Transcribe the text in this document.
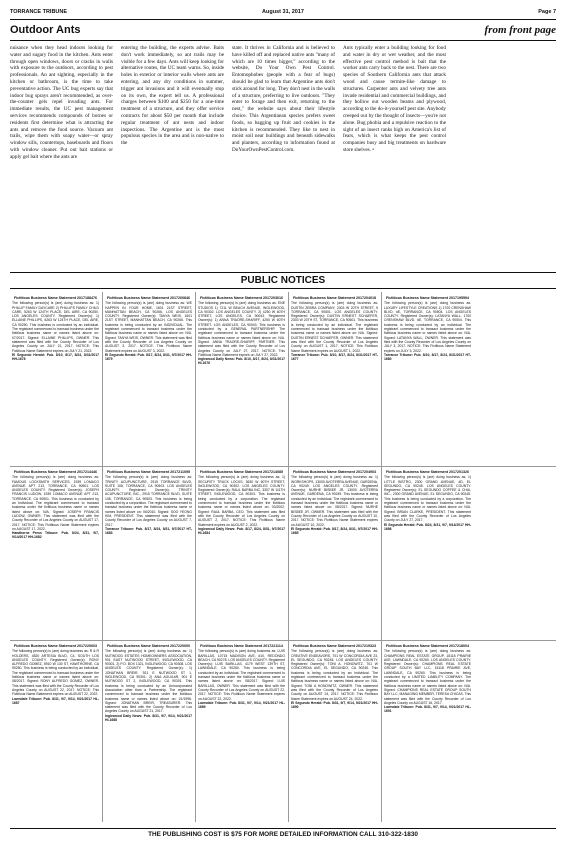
TORRANCE TRIBUNE	August 31, 2017	Page 7
Outdoor Ants	from front page
nuisance when they head indoors looking for water and sugary food in the kitchen. Ants enter through open windows, doors or cracks in walls with exposure to the outdoors, according to pest professionals. An ant sighting, especially in the kitchen or bathroom, is the time to take preventative action. The UC bug experts say that indoor bug sprays aren't recommended, as over-the-counter gels repel invading ants. For immediate results, the UC pest management services recommends compounds of bornes or residents first determine what is attracting the ants and remove the food source. Vacuum ant trails, wipe them with soapy water—or spray window sills, countertops, baseboards and floors with window cleaner. Put out bait stations or apply gel bait where the ants are
entering the building, the experts advise. Baits don't work immediately, so ant trails may be visible for a few days. Ants will keep looking for alternative routes, the UC team warns. So, inside holes in exterior or interior walls where ants are entering, and any dry conditions in summer, trigger ant invasions and it will eventually stop on its own, the expert tell us. A professional charges between $100 and $250 for a one-time treatment of a structure, and they offer service contracts for about $50 per month that include regular treatment of ant nests and indoor inspections. The Argentine ant is the most populous species in the area and is non-native to the
state. It thrives in California and is believed to have killed off and replaced native ants "many of which are 10 times bigger," according to the website, Do Your Own Pest Control. Entomophobes (people with a fear of bugs) should be glad to learn that Argentine ants don't stick around for long. They don't nest in the walls of a structure, preferring to live outdoors. "They enter to forage and then exit, returning to the nest," the website says about their lifestyle choice. This Argentinean species prefers sweet foods, so bagging up fruit and cookies in the kitchen is recommended. They like to nest in moist soil near buildings and beneath sidewalks and planters, according to information found at DoYourOwnPestControl.com.
Ants typically enter a building looking for food and water in dry or wet weather, and the most effective pest control method is bait that the worker ants carry back to the nest. There are two species of Southern California ants that attack wood and cause termite-like damage to structures. Carpenter ants and velvety tree ants invade residential and commercial buildings, and they hollow out wooden beams and plywood, according to the do-it-yourself pest site. Anybody creeped out by the thought of insects—you're not alone. Bug phobia and a repulsive reaction to the sight of an insect ranks high on America's list of fears, which is what keeps the pest control companies busy and big treatments on hardware store shelves. •
PUBLIC NOTICES
Fictitious Business Name Statement 2017188476
The following person(s) is (are) doing business as: 1) PHILLIP FAMILY DAYCARE 2) PHILLIPS FAMILY CHILD CARE, 5263 W 124TH PLACE, DEL AIRE, CA 90250. LOS ANGELES COUNTY. Registered Owner(s): 1) ELLAINE PHILLIPS, 5263 W 124TH PLACE, DEL AIRE, CA 90250. This business is conducted by an individual. The registrant commenced to transact business under the fictitious business name or names listed above on: 07/2017. Signed: ELLAINE PHILLIPS, OWNER. This statement was filed with the County Recorder of Los Angeles County on JULY 21, 2017. NOTICE: This Fictitious Name Statement expires on JULY 21, 2022.
El Segundo Herald: Pub. 8/10, 8/17, 8/24, 8/31/2017 HH-1678
Fictitious Business Name Statement 2017200846
The following person(s) is (are) doing business as: WE HAPPEN IN YOUR HOME, 1601 21ST STREET, MANHATTAN BEACH, CA 90266. LOS ANGELES COUNTY. Registered Owner(s): TANYA WEIS, 1601 21ST STREET, MANHATTAN BEACH, CA 90266. This business is being conducted by an INDIVIDUAL. The registrant commenced to transact business under the fictitious business name or names listed above on: N/A. Signed: TANYA WEIS, OWNER. This statement was filed with the County Recorder of Los Angeles County on AUGUST 3, 2017. NOTICE: This Fictitious Name Statement expires on AUGUST 3, 2022.
El Segundo Herald: Pub. 8/17, 8/24, 8/31, 9/7/2017 HH-1679
Fictitious Business Name Statement 2017203616
The following person(s) is (are) doing business as: ENE STUDIOS 1) 7211 W BEACH AVENUE, INGLEWOOD, CA 90302. LOS ANGELES COUNTY. 2) 4250 W 60TH STREET, LOS ANGELES, CA 90043. Registered Owner(s): 1) ANNA TRAORE-SHARIFF, 4250 W 60TH STREET, LOS ANGELES, CA 90043. This business is conducted by a GENERAL PARTNERSHIP. The registrant commenced to transact business under the fictitious business name or names listed above on: N/A. Signed: ANNA TRAORE-SHARIFF, PARTNER. This statement was filed with the County Recorder of Los Angeles County on JULY 27, 2017. NOTICE: This Fictitious Name Statement expires on JULY 27, 2022.
Inglewood Daily News: Pub. 8/10, 8/17, 8/24, 8/31/2017 HI-1676
Fictitious Business Name Statement 2017204018
The following person(s) is (are) doing business as: DUSTIN ZEBRA COMPANY, 2303 W 20TH STREET, 5 TORRANCE, CA 90501. LOS ANGELES COUNTY. Registered Owner(s): DUSTIN ERNEST SCHAEFER, 2303 W 20TH ST, TORRANCE, CA 90501. This business is being conducted by an individual. The registrant commenced to transact business under the fictitious business name or names listed above on: N/A. Signed: DUSTIN ERNEST SCHAEFER, OWNER. This statement was filed with the County Recorder of Los Angeles County on AUGUST 1, 2017. NOTICE: This Fictitious Name Statement expires on AUGUST 1, 2022.
Torrance Tribune: Pub. 8/10, 8/17, 8/24, 8/31/2017 HT-1677
Fictitious Business Name Statement 2017195594
The following person(s) is (are) doing business as: LUXURY LIFESTYLE CREATIONS 1) 1700 CRENSHAW BLVD. #E, TORRANCE, CA 90504. LOS ANGELES COUNTY. Registered Owner(s): LATANYA WALL, 1700 CRENSHAW BLVD. #E, TORRANCE, CA 90504. This business is being conducted by an individual. The registrant commenced to transact business under the fictitious business name or names listed above on: N/A. Signed: LATANYA WALL, OWNER. This statement was filed with the County Recorder of Los Angeles County on JULY 3, 2017. NOTICE: This Fictitious Name Statement expires on JULY 3, 2022.
Torrance Tribune: Pub. 8/10, 8/17, 8/24, 8/31/2017 HT-1680
Fictitious Business Name Statement 2017214446
The following person(s) is (are) doing business as: FAMOUS LOCKSMITH SERVICES, 1939 LOMACO AVENUE APT 213, TORRANCE, CA 90501. LOS ANGELES COUNTY. Registered Owner(s): JOSEPH FRANCIS LUDOW, 1939 LOMACO AVENUE APT 213, TORRANCE, CA 90501. This business is conducted by an Individual. The registrant commenced to transact business under the fictitious business name or names listed above on: N/A. Signed: JOSEPH FRANCIS LUDOW, OWNER. This statement was filed with the County Recorder of Los Angeles County on AUGUST 17, 2017. NOTICE: This Fictitious Name Statement expires on AUGUST 17, 2022.
Hawthorne Press Tribune: Pub. 8/24, 8/31, 9/7, 9/14/2017 HH-1682
Fictitious Business Name Statement 2017211095
The following person(s) is (are) doing business as: TRINITY ACUPUNCTURE, 2915 TORRANCE BLVD, SUITE 108, TORRANCE, CA 90503. LOS ANGELES COUNTY. Registered Owner(s): TRINITY ACUPUNCTURE, INC., 2915 TORRANCE BLVD, SUITE 108, TORRANCE, CA 90503. This business is being conducted by a corporation. The registrant commenced to transact business under the fictitious business name or names listed above on: 06/2010. Signed: SOO YEONG KIM, PRESIDENT. This statement was filed with the County Recorder of Los Angeles County on AUGUST 7, 2017.
Torrance Tribune: Pub. 8/17, 8/24, 8/31, 9/7/2017 HT-1683
Fictitious Business Name Statement 2017214085
The following person(s) is (are) doing business as: 1) SECURITY TRUCK LOCKS, 3630 W 60TH STREET, INGLEWOOD, CA 90302. LOS ANGELES COUNTY. Registered Owner(s): RAUL BARBA INC, 3307 W 111TH STREET, INGLEWOOD, CA 90303. This business is being conducted by a corporation. The registrant commenced to transact business under the fictitious business name or names listed above on: 03/2002. Signed: RAUL BARBA, CEO. This statement was filed with the County Recorder of Los Angeles County on AUGUST 2, 2017. NOTICE: This Fictitious Name Statement expires on AUGUST 2, 2022.
Inglewood Daily News: Pub. 8/17, 8/24, 8/31, 9/7/2017 HI-1684
Fictitious Business Name Statement 2017204903
The following person(s) is (are) doing business as: 1) WORKSHOPS, 13000 AVOTERRA AVENUE, GARDENA, CA 90249. LOS ANGELES COUNTY. Registered Owner(s): NURHE BISBEE JR, 13000 AVOTERRA AVENUE, GARDENA, CA 90249. This business is being conducted by an individual. The registrant commenced to transact business under the fictitious business name or names listed above on: 08/2017. Signed: NURHE BISBEE JR, OWNER. This statement was filed with the County Recorder of Los Angeles County on AUGUST 10, 2017. NOTICE: This Fictitious Name Statement expires on AUGUST 10, 2022.
El Segundo Herald: Pub. 8/17, 8/24, 8/31, 9/7/2017 HH-1685
Fictitious Business Name Statement 2017201326
The following person(s) is (are) doing business as: 1) LITTLE BISTRO, 2300 GRAND AVENUE, #D, EL SEGUNDO, CA 90245. LOS ANGELES COUNTY. Registered Owner(s): EL SEGUNDO COFFEE & CHAI, INC., 2300 GRAND AVENUE, EL SEGUNDO, CA 90245. This business is being conducted by a corporation. The registrant commenced to transact business under the fictitious business name or names listed above on: N/A. Signed: BRIAN CLARKE, PRESIDENT. This statement was filed with the County Recorder of Los Angeles County on JULY 27, 2017.
El Segundo Herald: Pub. 8/24, 8/31, 9/7, 9/14/2017 HH-1686
Fictitious Business Name Statement 2017220603
The following person(s) is (are) doing business as: R & R HOLDERS, 4820 ARTESIA BLVD, C4, SOUTH LOS ANGELES COUNTY. Registered Owner(s): RONY ALFREDO GOMEZ, 5910 W 130 ST, HAWTHORNE, CA 90250. This business is being conducted by an individual. The registrant commenced to transact business under the fictitious business name or names listed above on: 08/2017. Signed: RONY ALFREDO GOMEZ, OWNER. This statement was filed with the County Recorder of Los Angeles County on AUGUST 22, 2017. NOTICE: This Fictitious Name Statement expires on AUGUST 22, 2022.
Lawndale Tribune: Pub. 8/31, 9/7, 9/14, 9/21/2017 HL-1687
Fictitious Business Name Statement 2017220000
The following person(s) is (are) doing business as: 1) NUTWOOD ESTATES HOMEOWNERS ASSOCIATION, 901 EAST NUTWOOD STREET, INGLEWOOD, CA 90301. 2) P.O. BOX 1321, INGLEWOOD, CA 90308. LOS ANGELES COUNTY. Registered Owner(s): 1) JONATHAN BREIR, 921 E NUTWOOD ST 1, INGLEWOOD, CA 90301. 2) ANA AGUILAR, 901 E NUTWOOD ST 2, INGLEWOOD, CA 90301. This business is being conducted by an Unincorporated Association other than a Partnership. The registrant commenced to transact business under the fictitious business name or names listed above on: 01/1996. Signed: JONATHAN BREIR, TREASURER. This statement was filed with the County Recorder of Los Angeles County on AUGUST 21, 2017.
Inglewood Daily News: Pub. 8/31, 9/7, 9/14, 9/21/2017 HI-1688
Fictitious Business Name Statement 2017221114
The following person(s) is (are) doing business as: LUIS BARILLAS, 10715 MADISON AVE, #10, REDONDO BEACH, CA 90278. LOS ANGELES COUNTY. Registered Owner(s): LUIS BARILLAS, 4179 WEST 139TH ST, LAWNDALE, CA 90260. This business is being conducted by an individual. The registrant commenced to transact business under the fictitious business name or names listed above on: 08/2017. Signed: LUIS BARILLAS, OWNER. This statement was filed with the County Recorder of Los Angeles County on AUGUST 22, 2017. NOTICE: This Fictitious Name Statement expires on AUGUST 22, 2022.
Lawndale Tribune: Pub. 8/31, 9/7, 9/14, 9/21/2017 HL-1689
Fictitious Business Name Statement 2017219323
The following person(s) is (are) doing business as: CREATIVE ENDEAVORS, 701 W CONCORDIA AVE 23, EL SEGUNDO, CA 90245. LOS ANGELES COUNTY. Registered Owner(s): TONI A. HONOWITZ, 701 W CONCORDIA AVE, EL SEGUNDO, CA 90245. This business is being conducted by an Individual. The registrant commenced to transact business under the fictitious business name or names listed above on: N/A. Signed: TONI A HONOWITZ, OWNER. This statement was filed with the County Recorder of Los Angeles County on AUGUST 24, 2017. NOTICE: This Fictitious Name Statement expires on AUGUST 24, 2022.
El Segundo Herald: Pub. 8/31, 9/7, 9/14, 9/21/2017 HH-1690
Fictitious Business Name Statement 2017218004
The following person(s) is (are) doing business as: CHAMPIONS REAL ESTATE GROUP, 15118 PRAIRIE AVE, LAWNDALE, CA 90260. LOS ANGELES COUNTY. Registered Owner(s): CHAMPIONS REAL ESTATE GROUP SOUTH BAY LLC, 15118 PRAIRIE AVE, LAWNDALE, CA 90260. This business is being conducted by a LIMITED LIABILITY COMPANY. The registrant commenced to transact business under the fictitious business name or names listed above on: N/A. Signed: CHAMPIONS REAL ESTATE GROUP SOUTH BAY LLC, MANAGING MEMBER, TERESA CHICAS. This statement was filed with the County Recorder of Los Angeles County on AUGUST 16, 2017.
Lawndale Tribune: Pub. 8/31, 9/7, 9/14, 9/21/2017 HL-1691
THE PUBLISHING COST IS $75 FOR MORE DETAILED INFORMATION CALL 310-322-1830
